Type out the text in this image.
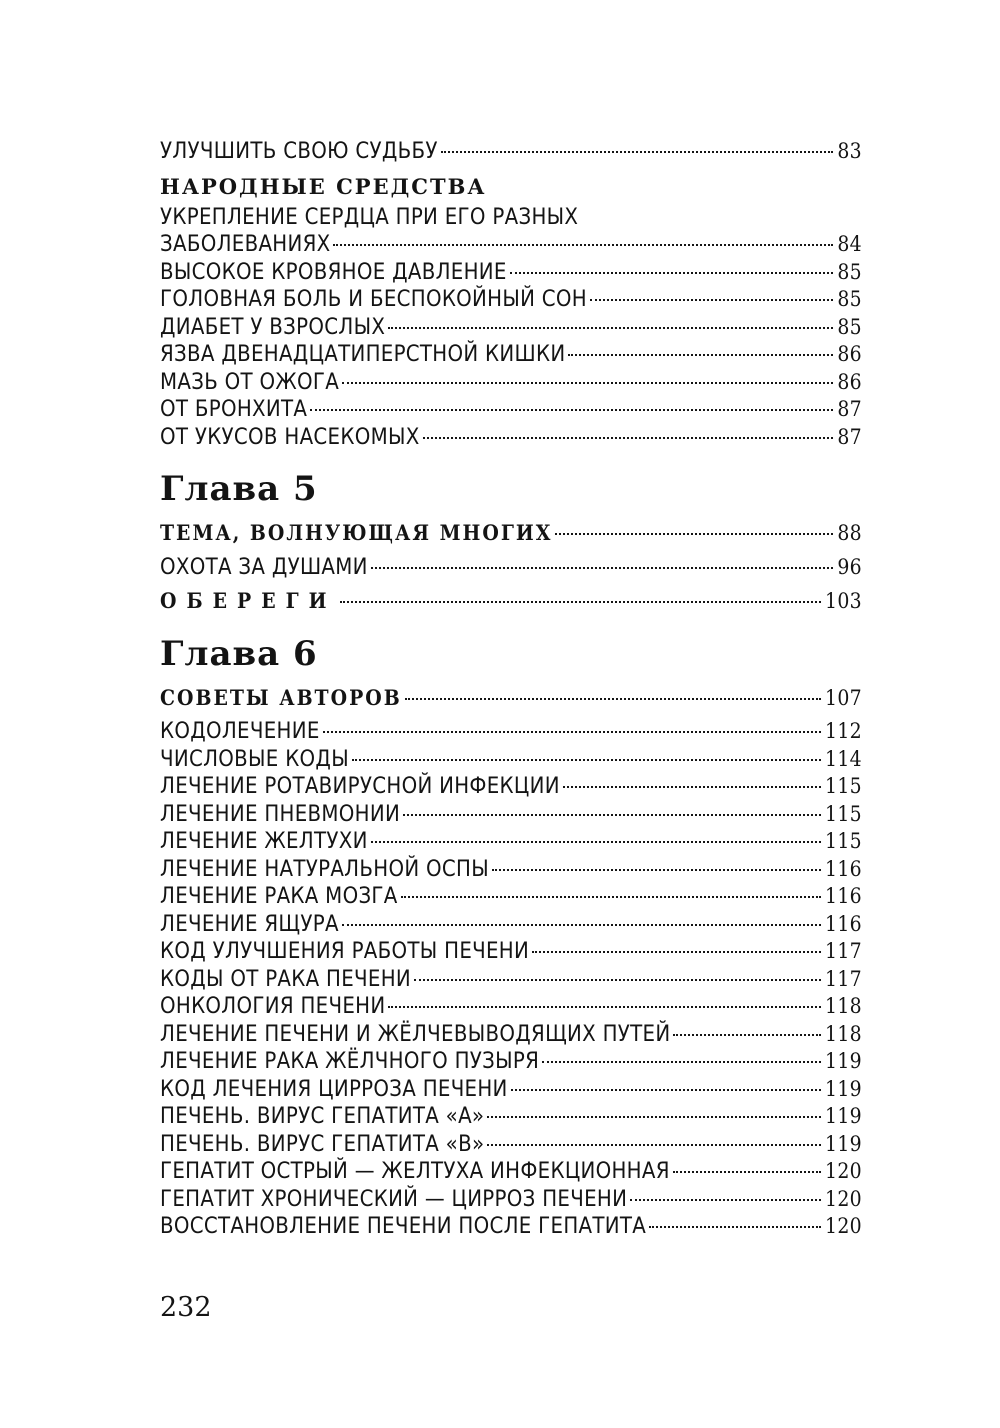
УЛУЧШИТЬ СВОЮ СУДЬБУ	83
НАРОДНЫЕ СРЕДСТВА
УКРЕПЛЕНИЕ СЕРДЦА ПРИ ЕГО РАЗНЫХ
ЗАБОЛЕВАНИЯХ	84
ВЫСОКОЕ КРОВЯНОЕ ДАВЛЕНИЕ	85
ГОЛОВНАЯ БОЛЬ И БЕСПОКОЙНЫЙ СОН	85
ДИАБЕТ У ВЗРОСЛЫХ	85
ЯЗВА ДВЕНАДЦАТИПЕРСТНОЙ КИШКИ	86
МАЗЬ ОТ ОЖОГА	86
ОТ БРОНХИТА	87
ОТ УКУСОВ НАСЕКОМЫХ	87
Глава 5
ТЕМА, ВОЛНУЮЩАЯ МНОГИХ	88
ОХОТА ЗА ДУШАМИ	96
ОБЕРЕГИ	103
Глава 6
СОВЕТЫ АВТОРОВ	107
КОДОЛЕЧЕНИЕ	112
ЧИСЛОВЫЕ КОДЫ	114
ЛЕЧЕНИЕ РОТАВИРУСНОЙ ИНФЕКЦИИ	115
ЛЕЧЕНИЕ ПНЕВМОНИИ	115
ЛЕЧЕНИЕ ЖЕЛТУХИ	115
ЛЕЧЕНИЕ НАТУРАЛЬНОЙ ОСПЫ	116
ЛЕЧЕНИЕ РАКА МОЗГА	116
ЛЕЧЕНИЕ ЯЩУРА	116
КОД УЛУЧШЕНИЯ РАБОТЫ ПЕЧЕНИ	117
КОДЫ ОТ РАКА ПЕЧЕНИ	117
ОНКОЛОГИЯ ПЕЧЕНИ	118
ЛЕЧЕНИЕ ПЕЧЕНИ И ЖЁЛЧЕВЫВОДЯЩИХ ПУТЕЙ	118
ЛЕЧЕНИЕ РАКА ЖЁЛЧНОГО ПУЗЫРЯ	119
КОД ЛЕЧЕНИЯ ЦИРРОЗА ПЕЧЕНИ	119
ПЕЧЕНЬ. ВИРУС ГЕПАТИТА «А»	119
ПЕЧЕНЬ. ВИРУС ГЕПАТИТА «В»	119
ГЕПАТИТ ОСТРЫЙ — ЖЕЛТУХА ИНФЕКЦИОННАЯ	120
ГЕПАТИТ ХРОНИЧЕСКИЙ — ЦИРРОЗ ПЕЧЕНИ	120
ВОССТАНОВЛЕНИЕ ПЕЧЕНИ ПОСЛЕ ГЕПАТИТА	120
232
